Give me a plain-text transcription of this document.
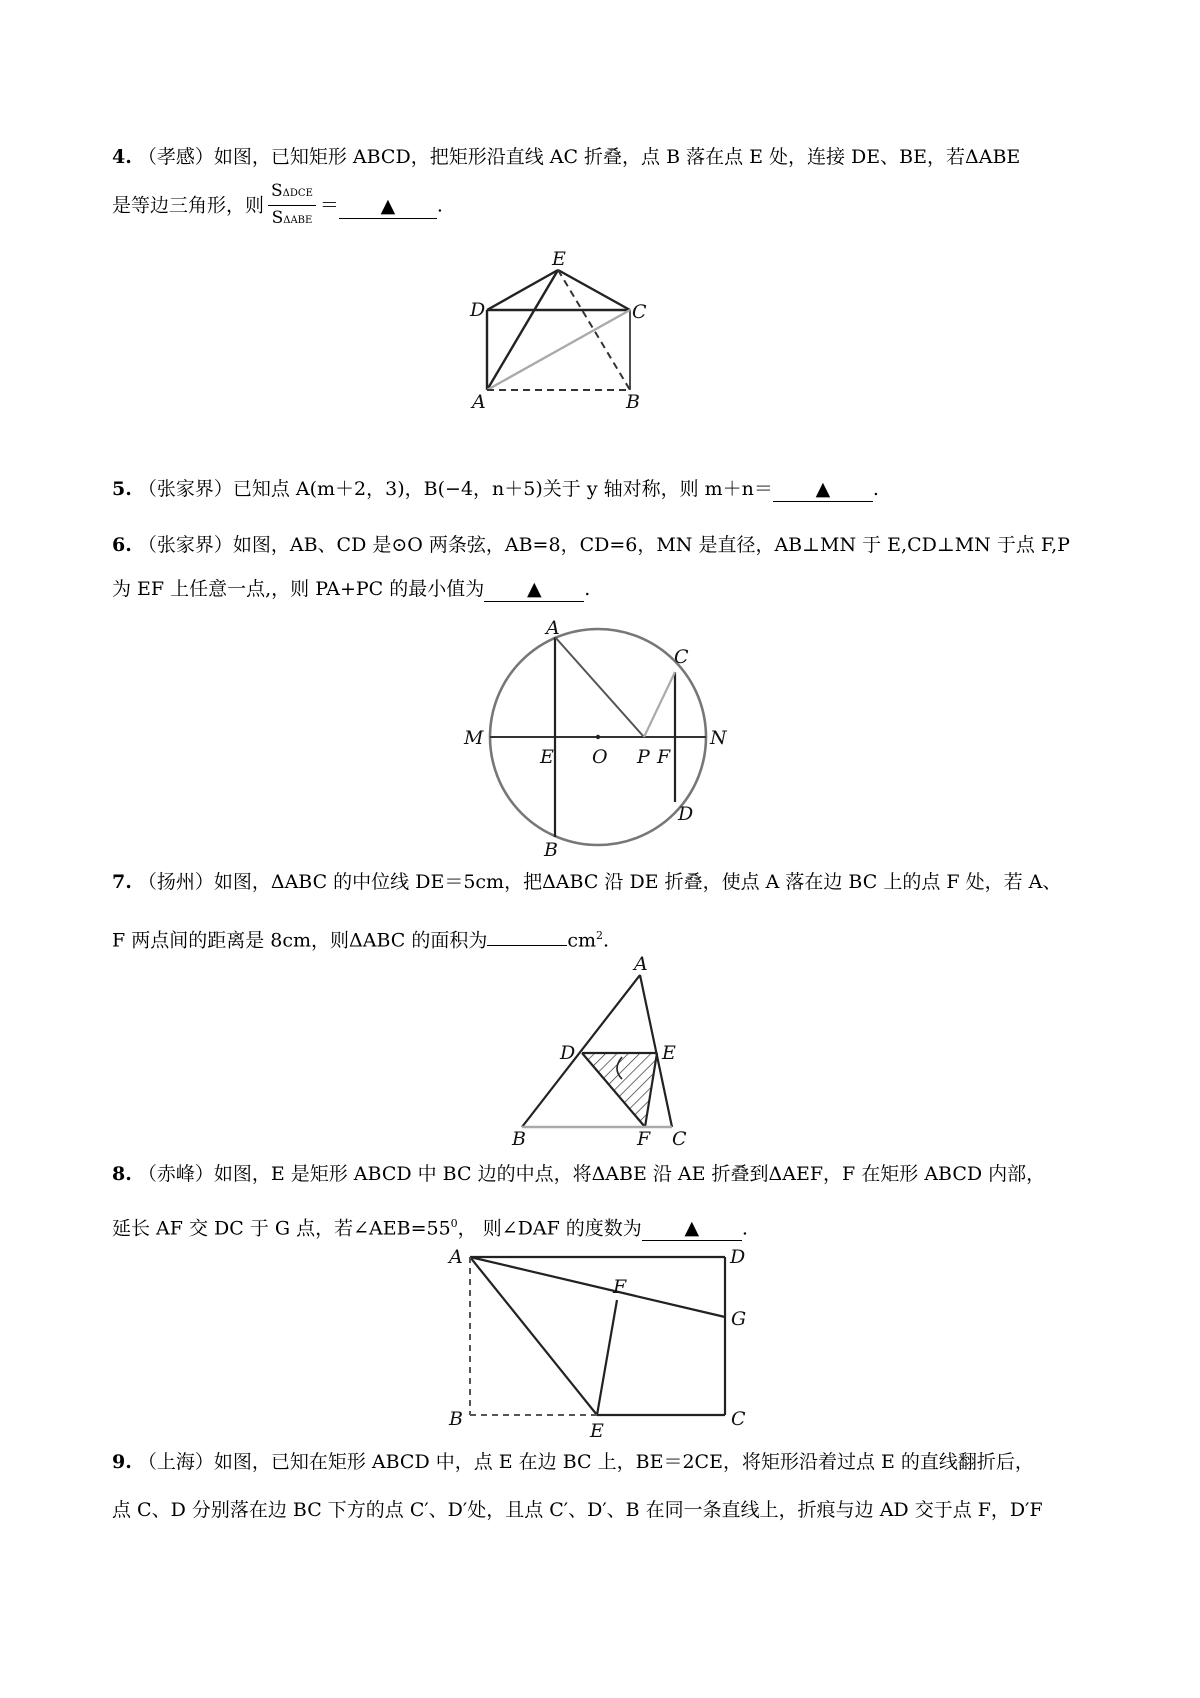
4. （孝感）如图，已知矩形 ABCD，把矩形沿直线 AC 折叠，点 B 落在点 E 处，连接 DE、BE，若ΔABE
是等边三角形，则 $\frac{\text{SΔDCE}}{\text{SΔABE}}$ ＝ ▲ .
E
D	C
A	B
5. （张家界）已知点 A(m＋2，3)，B(−4，n＋5)关于 y 轴对称，则 m＋n＝ ▲ .
6. （张家界）如图，AB、CD 是⊙O 两条弦，AB=8，CD=6，MN 是直径，AB⊥MN 于 E,CD⊥MN 于点 F,P
为 EF 上任意一点,，则 PA+PC 的最小值为 ▲ .
A
C
M
E O P F
N
B
D
7. （扬州）如图，ΔABC 的中位线 DE＝5cm，把ΔABC 沿 DE 折叠，使点 A 落在边 BC 上的点 F 处，若 A、
F 两点间的距离是 8cm，则ΔABC 的面积为	$cm^2$.
A
D	E
B	F C
8. （赤峰）如图，E 是矩形 ABCD 中 BC 边的中点，将ΔABE 沿 AE 折叠到ΔAEF，F 在矩形 ABCD 内部，
延长 AF 交 DC 于 G 点，若$\angle AEB=55^0$， 则∠DAF 的度数为 ▲ .
A	D
F
G
B
E
C
9. （上海）如图，已知在矩形 ABCD 中，点 E 在边 BC 上，BE＝2CE，将矩形沿着过点 E 的直线翻折后，
点 C、D 分别落在边 BC 下方的点 C′、D′处，且点 C′、D′、B 在同一条直线上，折痕与边 AD 交于点 F，D′F
